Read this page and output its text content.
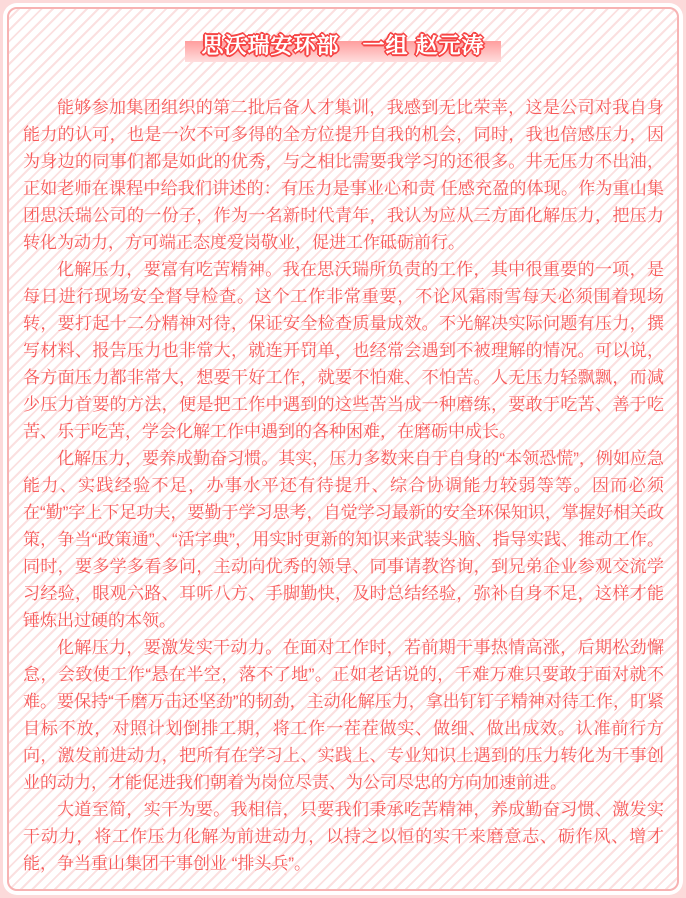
思沃瑞安环部　一组 赵元涛

能够参加集团组织的第二批后备人才集训，我感到无比荣幸，这是公司对我自身能力的认可，也是一次不可多得的全方位提升自我的机会，同时，我也倍感压力，因为身边的同事们都是如此的优秀，与之相比需要我学习的还很多。井无压力不出油，正如老师在课程中给我们讲述的：有压力是事业心和责 任感充盈的体现。作为重山集团思沃瑞公司的一份子，作为一名新时代青年，我认为应从三方面化解压力，把压力转化为动力，方可端正态度爱岗敬业，促进工作砥砺前行。

化解压力，要富有吃苦精神。我在思沃瑞所负责的工作，其中很重要的一项，是每日进行现场安全督导检查。这个工作非常重要，不论风霜雨雪每天必须围着现场转，要打起十二分精神对待，保证安全检查质量成效。不光解决实际问题有压力，撰写材料、报告压力也非常大，就连开罚单，也经常会遇到不被理解的情况。可以说，各方面压力都非常大，想要干好工作，就要不怕难、不怕苦。人无压力轻飘飘，而减少压力首要的方法，便是把工作中遇到的这些苦当成一种磨练，要敢于吃苦、善于吃苦、乐于吃苦，学会化解工作中遇到的各种困难，在磨砺中成长。

化解压力，要养成勤奋习惯。其实，压力多数来自于自身的“本领恐慌”，例如应急能力、实践经验不足，办事水平还有待提升、综合协调能力较弱等等。因而必须在“勤”字上下足功夫，要勤于学习思考，自觉学习最新的安全环保知识，掌握好相关政策，争当“政策通”、“活字典”，用实时更新的知识来武装头脑、指导实践、推动工作。同时，要多学多看多问，主动向优秀的领导、同事请教咨询，到兄弟企业参观交流学习经验，眼观六路、耳听八方、手脚勤快，及时总结经验，弥补自身不足，这样才能锤炼出过硬的本领。

化解压力，要激发实干动力。在面对工作时，若前期干事热情高涨，后期松劲懈怠，会致使工作“悬在半空，落不了地”。正如老话说的，千难万难只要敢于面对就不难。要保持“千磨万击还坚劲”的韧劲，主动化解压力，拿出钉钉子精神对待工作，盯紧目标不放，对照计划倒排工期，将工作一茬茬做实、做细、做出成效。认准前行方向，激发前进动力，把所有在学习上、实践上、专业知识上遇到的压力转化为干事创业的动力，才能促进我们朝着为岗位尽责、为公司尽忠的方向加速前进。

大道至简，实干为要。我相信，只要我们秉承吃苦精神，养成勤奋习惯、激发实干动力，将工作压力化解为前进动力，以持之以恒的实干来磨意志、砺作风、增才能，争当重山集团干事创业 “排头兵”。
